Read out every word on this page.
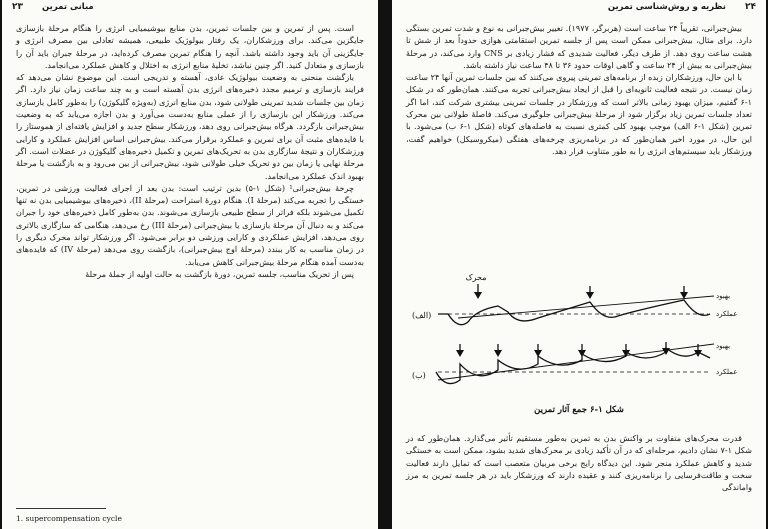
۲۳ مبانی تمرین

است. پس از تمرین و بین جلسات تمرین، بدن منابع بیوشیمیایی انرژی را هنگام مرحلهٔ بازسازی جایگزین می‌کند. برای ورزشکاران، یک رفتار بیولوژیک طبیعی، همیشه تعادلی بین مصرف انرژی و جایگزینی آن باید وجود داشته باشد. آنچه را هنگام تمرین مصرف کرده‌اید، در مرحلهٔ جبران باید آن را بازسازی و متعادل کنید. اگر چنین نباشد، تخلیهٔ منابع انرژی به اختلال و کاهش عملکرد می‌انجامد.

بازگشت منحنی به وضعیت بیولوژیک عادی، آهسته و تدریجی است. این موضوع نشان می‌دهد که فرایند بازسازی و ترمیم مجدد ذخیره‌های انرژی بدن آهسته است و به چند ساعت زمان نیاز دارد. اگر زمان بین جلسات شدید تمرینی طولانی شود، بدن منابع انرژی (به‌ویژه گلیکوژن) را به‌طور کامل بازسازی می‌کند. ورزشکار این بازسازی را از عملی منابع به‌دست می‌آورد و بدن اجازه می‌یابد که به وضعیت بیش‌جبرانی بازگردد. هرگاه بیش‌جبرانی روی دهد، ورزشکار سطح جدید و افزایش یافته‌ای از هموستاز را با فایده‌های مثبت آن برای تمرین و عملکرد برقرار می‌کند. بیش‌جبرانی اساس افزایش عملکرد و کارایی ورزشکاران و نتیجهٔ سازگاری بدن به تحریک‌های تمرین و تکمیل ذخیره‌های گلیکوژن در عضلات است. اگر مرحلهٔ نهایی یا زمان بین دو تحریک خیلی طولانی شود، بیش‌جبرانی از بین می‌رود و به بازگشت یا مرحلهٔ بهبود اندک عملکرد می‌انجامد.

چرخهٔ بیش‌جبرانی¹ (شکل ۱-۵) بدین ترتیب است: بدن بعد از اجرای فعالیت ورزشی در تمرین، خستگی را تجربه می‌کند (مرحلهٔ I). هنگام دورهٔ استراحت (مرحلهٔ II)، ذخیره‌های بیوشیمیایی بدن نه تنها تکمیل می‌شوند بلکه فراتر از سطح طبیعی بازسازی می‌شوند. بدن به‌طور کامل ذخیره‌های خود را جبران می‌کند و به دنبال آن مرحلهٔ بازسازی یا بیش‌جبرانی (مرحلهٔ III) رخ می‌دهد، هنگامی که سازگاری بالاتری روی می‌دهد، افزایش عملکردی و کارایی ورزشی دو برابر می‌شود. اگر ورزشکار تواند محرک دیگری را در زمان مناسب به کار ببندد (مرحلهٔ اوج بیش‌جبرانی)، بازگشت روی می‌دهد (مرحلهٔ IV) که فایده‌های به‌دست آمده هنگام مرحلهٔ بیش‌جبرانی کاهش می‌یابد.

پس از تحریک مناسب، جلسه تمرین، دورهٔ بازگشت به حالت اولیه از جملهٔ مرحلهٔ

1. supercompensation cycle
۲۴
نظریه و روش‌شناسی تمرین

بیش‌جبرانی، تقریباً ۲۴ ساعت است (هربرگر، ۱۹۷۷). تغییر بیش‌جبرانی به نوع و شدت تمرین بستگی دارد. برای مثال، بیش‌جبرانی ممکن است پس از جلسه تمرین استقامتی هوازی حدوداً بعد از شش تا هشت ساعت روی دهد. از طرف دیگر، فعالیت شدیدی که فشار زیادی بر CNS وارد می‌کند، در مرحلهٔ بیش‌جبرانی به بیش از ۲۴ ساعت و گاهی اوقات حدود ۳۶ تا ۴۸ ساعت نیاز داشته باشد.

با این حال، ورزشکاران زبده از برنامه‌های تمرینی پیروی می‌کنند که بین جلسات تمرین آنها ۲۴ ساعت زمان نیست. در نتیجه فعالیت ثانویه‌ای را قبل از ایجاد بیش‌جبرانی تجربه می‌کنند. همان‌طور که در شکل ۱-۶ گفتیم، میزان بهبود زمانی بالاتر است که ورزشکار در جلسات تمرینی بیشتری شرکت کند، اما اگر تعداد جلسات تمرین زیاد برگزار شود از مرحلهٔ بیش‌جبرانی جلوگیری می‌کند. فاصلهٔ طولانی بین محرک تمرین (شکل ۱-۶ الف) موجب بهبود کلی کمتری نسبت به فاصله‌های کوتاه (شکل ۱-۶ ب) می‌شود. با این حال، در مورد اخیر همان‌طور که در برنامه‌ریزی چرخه‌های هفتگی (میکروسیکل) خواهیم گفت، ورزشکار باید سیستم‌های انرژی را به طور متناوب قرار دهد.

محرک
(الف)
بهبود
عملکرد
(ب)
بهبود
عملکرد
شکل ۱-۶ جمع آثار تمرین

قدرت محرک‌های متفاوت بر واکنش بدن به تمرین به‌طور مستقیم تأثیر می‌گذارد. همان‌طور که در شکل ۱-۷ نشان دادیم، مرحله‌ای که در آن تأکید زیادی بر محرک‌های شدید بشود، ممکن است به خستگی شدید و کاهش عملکرد منجر شود. این دیدگاه رایج برخی مربیان متعصب است که تمایل دارند فعالیت سخت و طاقت‌فرسایی را برنامه‌ریزی کنند و عقیده دارند که ورزشکار باید در هر جلسه تمرین به مرز واماندگی
